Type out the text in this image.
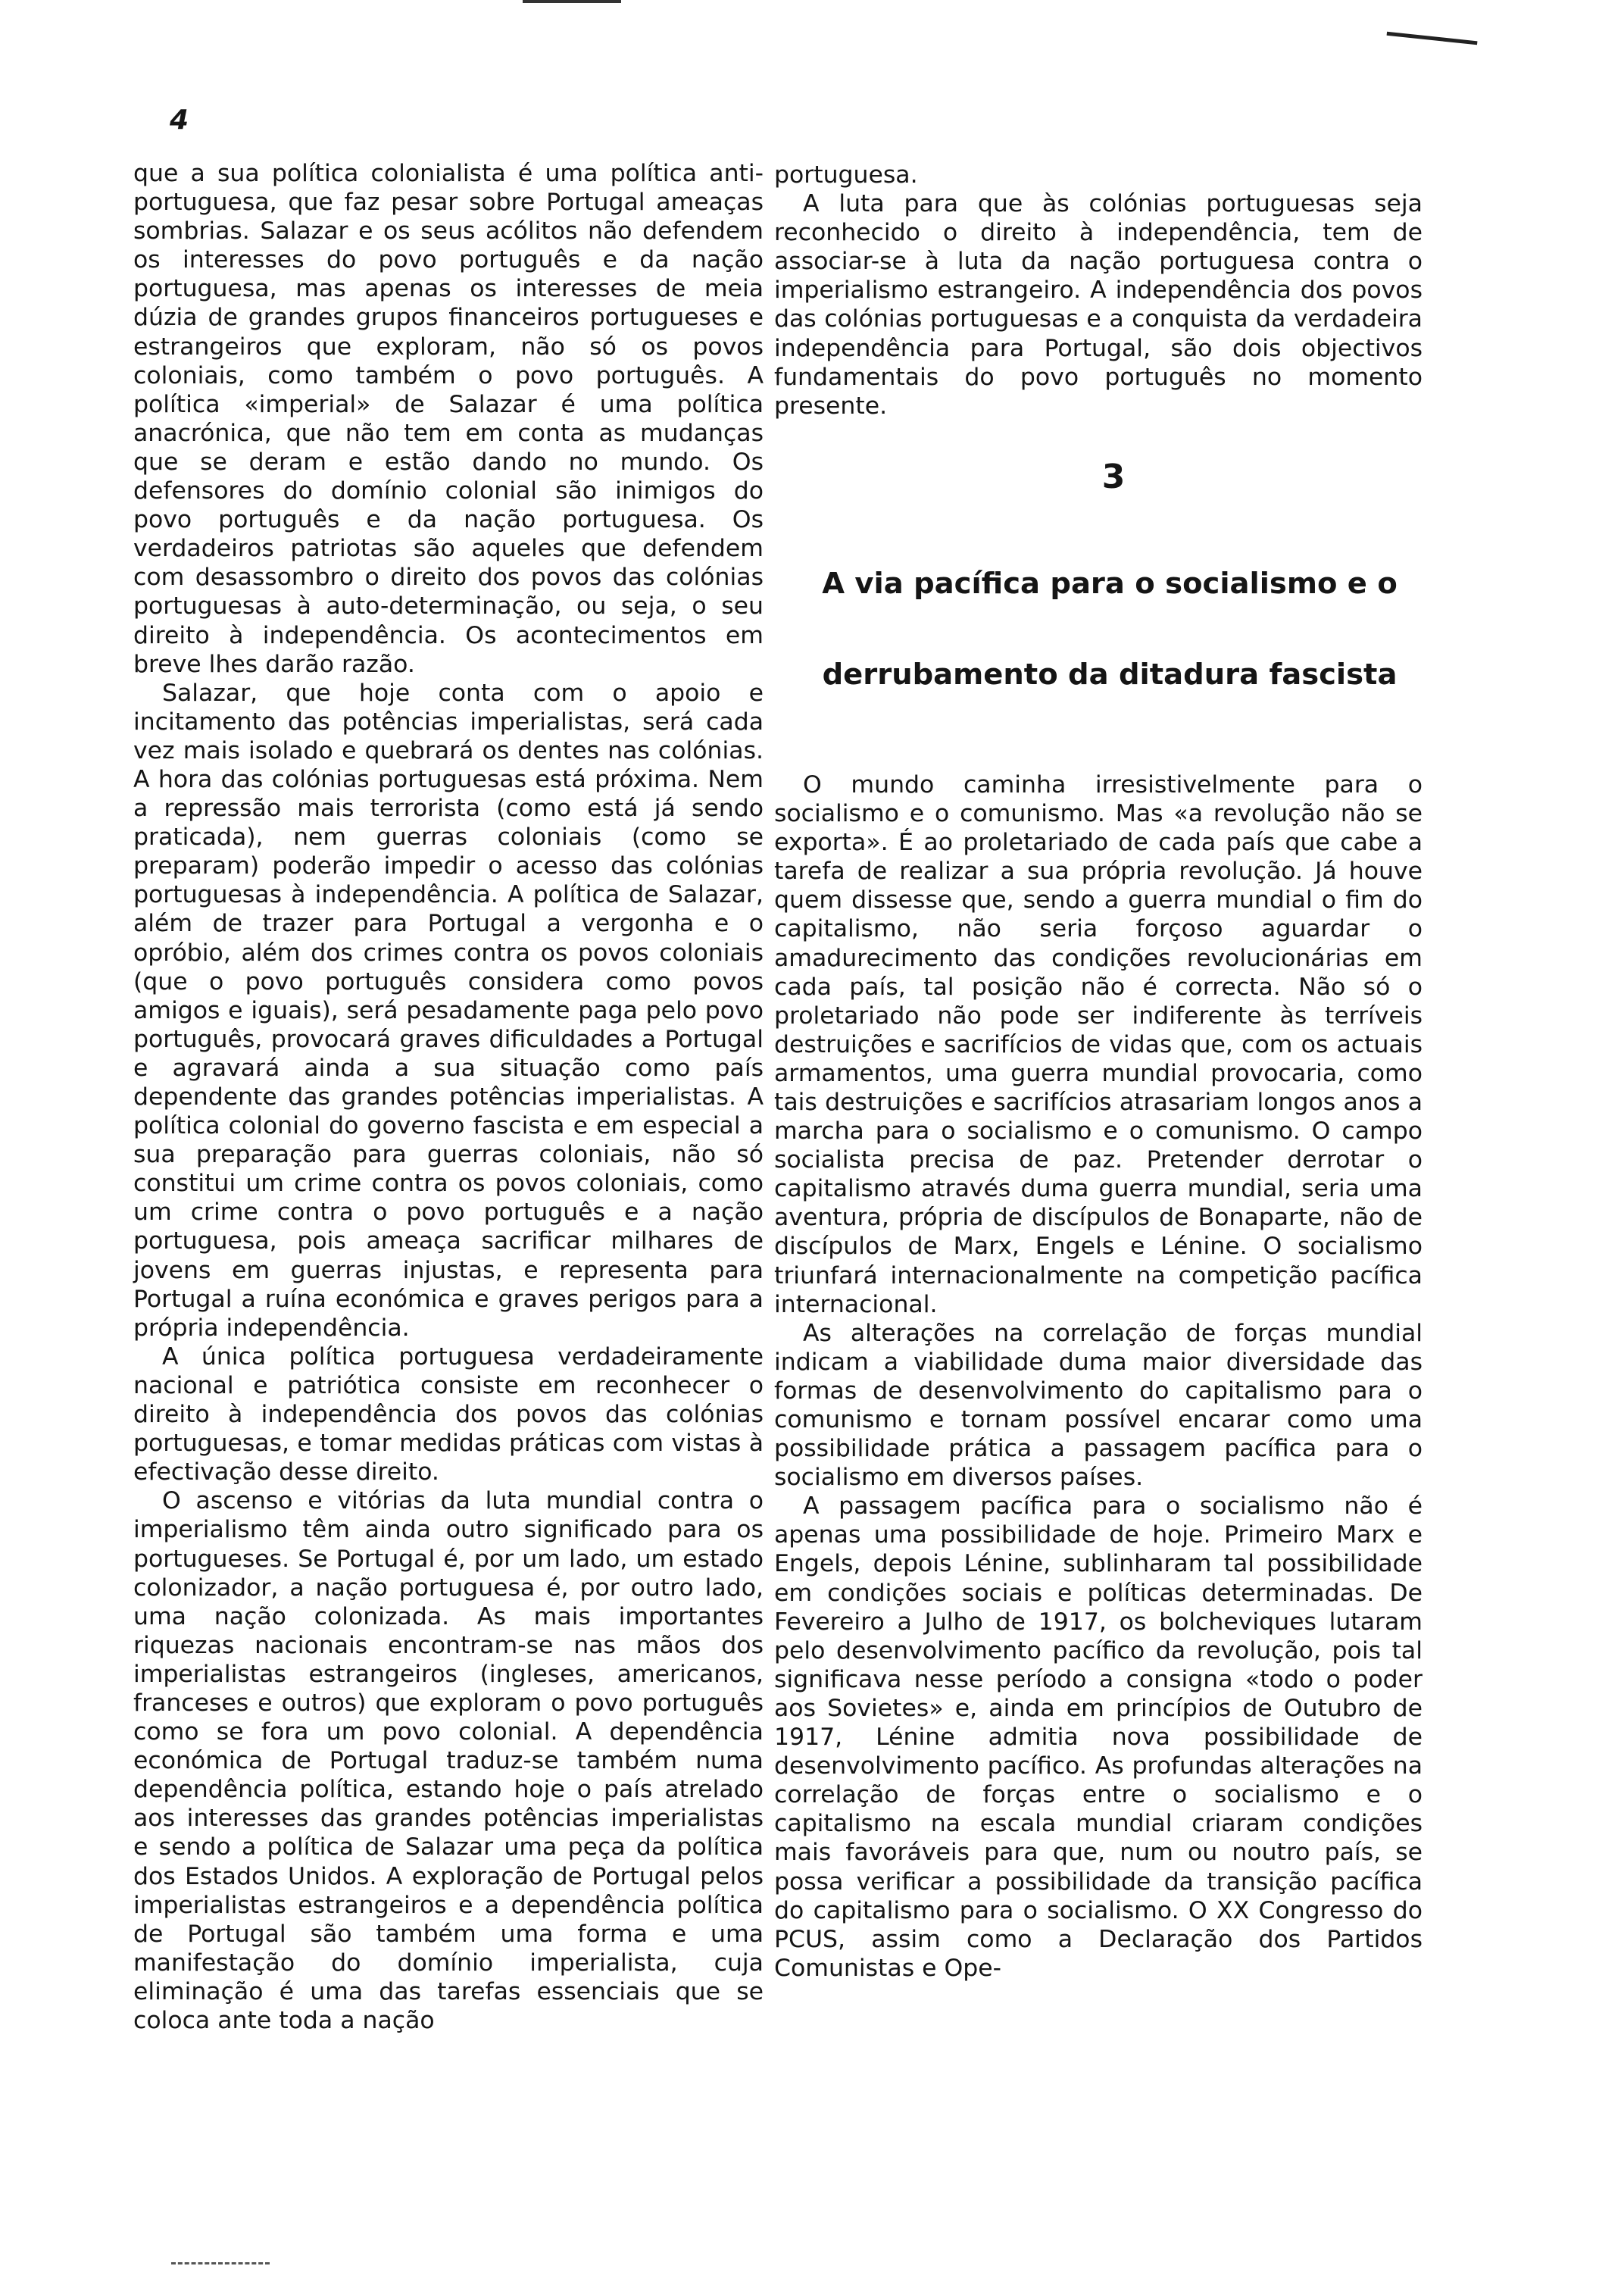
4

que a sua política colonialista é uma política anti-portuguesa, que faz pesar sobre Portugal ameaças sombrias. Salazar e os seus acólitos não defendem os interesses do povo português e da nação portuguesa, mas apenas os interesses de meia dúzia de grandes grupos financeiros portugueses e estrangeiros que exploram, não só os povos coloniais, como também o povo português. A política «imperial» de Salazar é uma política anacrónica, que não tem em conta as mudanças que se deram e estão dando no mundo. Os defensores do domínio colonial são inimigos do povo português e da nação portuguesa. Os verdadeiros patriotas são aqueles que defendem com desassombro o direito dos povos das colónias portuguesas à auto-determinação, ou seja, o seu direito à independência. Os acontecimentos em breve lhes darão razão.

Salazar, que hoje conta com o apoio e incitamento das potências imperialistas, será cada vez mais isolado e quebrará os dentes nas colónias. A hora das colónias portuguesas está próxima. Nem a repressão mais terrorista (como está já sendo praticada), nem guerras coloniais (como se preparam) poderão impedir o acesso das colónias portuguesas à independência. A política de Salazar, além de trazer para Portugal a vergonha e o opróbio, além dos crimes contra os povos coloniais (que o povo português considera como povos amigos e iguais), será pesadamente paga pelo povo português, provocará graves dificuldades a Portugal e agravará ainda a sua situação como país dependente das grandes potências imperialistas. A política colonial do governo fascista e em especial a sua preparação para guerras coloniais, não só constitui um crime contra os povos coloniais, como um crime contra o povo português e a nação portuguesa, pois ameaça sacrificar milhares de jovens em guerras injustas, e representa para Portugal a ruína económica e graves perigos para a própria independência.

A única política portuguesa verdadeiramente nacional e patriótica consiste em reconhecer o direito à independência dos povos das colónias portuguesas, e tomar medidas práticas com vistas à efectivação desse direito.

O ascenso e vitórias da luta mundial contra o imperialismo têm ainda outro significado para os portugueses. Se Portugal é, por um lado, um estado colonizador, a nação portuguesa é, por outro lado, uma nação colonizada. As mais importantes riquezas nacionais encontram-se nas mãos dos imperialistas estrangeiros (ingleses, americanos, franceses e outros) que exploram o povo português como se fora um povo colonial. A dependência económica de Portugal traduz-se também numa dependência política, estando hoje o país atrelado aos interesses das grandes potências imperialistas e sendo a política de Salazar uma peça da política dos Estados Unidos. A exploração de Portugal pelos imperialistas estrangeiros e a dependência política de Portugal são também uma forma e uma manifestação do domínio imperialista, cuja eliminação é uma das tarefas essenciais que se coloca ante toda a nação

portuguesa.

A luta para que às colónias portuguesas seja reconhecido o direito à independência, tem de associar-se à luta da nação portuguesa contra o imperialismo estrangeiro. A independência dos povos das colónias portuguesas e a conquista da verdadeira independência para Portugal, são dois objectivos fundamentais do povo português no momento presente.

3
A via pacífica para o socialismo e o
derrubamento da ditadura fascista

O mundo caminha irresistivelmente para o socialismo e o comunismo. Mas «a revolução não se exporta». É ao proletariado de cada país que cabe a tarefa de realizar a sua própria revolução. Já houve quem dissesse que, sendo a guerra mundial o fim do capitalismo, não seria forçoso aguardar o amadurecimento das condições revolucionárias em cada país, tal posição não é correcta. Não só o proletariado não pode ser indiferente às terríveis destruições e sacrifícios de vidas que, com os actuais armamentos, uma guerra mundial provocaria, como tais destruições e sacrifícios atrasariam longos anos a marcha para o socialismo e o comunismo. O campo socialista precisa de paz. Pretender derrotar o capitalismo através duma guerra mundial, seria uma aventura, própria de discípulos de Bonaparte, não de discípulos de Marx, Engels e Lénine. O socialismo triunfará internacionalmente na competição pacífica internacional.

As alterações na correlação de forças mundial indicam a viabilidade duma maior diversidade das formas de desenvolvimento do capitalismo para o comunismo e tornam possível encarar como uma possibilidade prática a passagem pacífica para o socialismo em diversos países.

A passagem pacífica para o socialismo não é apenas uma possibilidade de hoje. Primeiro Marx e Engels, depois Lénine, sublinharam tal possibilidade em condições sociais e políticas determinadas. De Fevereiro a Julho de 1917, os bolcheviques lutaram pelo desenvolvimento pacífico da revolução, pois tal significava nesse período a consigna «todo o poder aos Sovietes» e, ainda em princípios de Outubro de 1917, Lénine admitia nova possibilidade de desenvolvimento pacífico. As profundas alterações na correlação de forças entre o socialismo e o capitalismo na escala mundial criaram condições mais favoráveis para que, num ou noutro país, se possa verificar a possibilidade da transição pacífica do capitalismo para o socialismo. O XX Congresso do PCUS, assim como a Declaração dos Partidos Comunistas e Ope-
